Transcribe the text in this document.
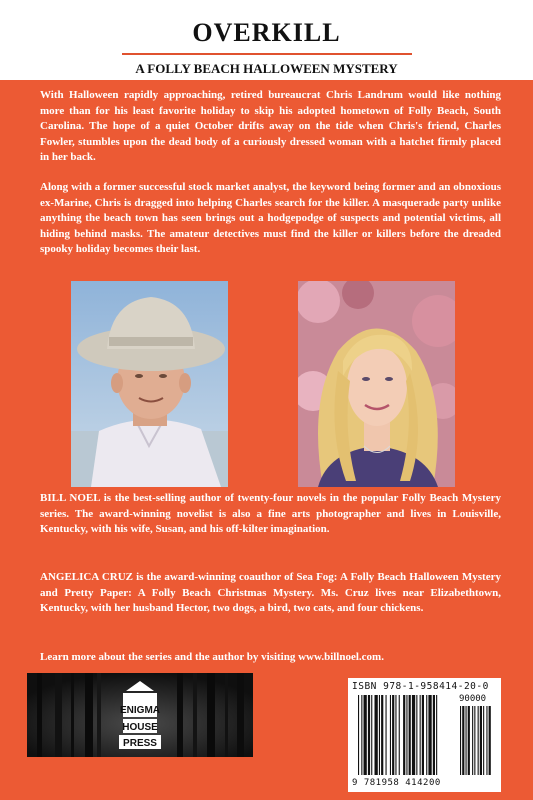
OVERKILL
A FOLLY BEACH HALLOWEEN MYSTERY
With Halloween rapidly approaching, retired bureaucrat Chris Landrum would like nothing more than for his least favorite holiday to skip his adopted hometown of Folly Beach, South Carolina. The hope of a quiet October drifts away on the tide when Chris's friend, Charles Fowler, stumbles upon the dead body of a curiously dressed woman with a hatchet firmly placed in her back.
Along with a former successful stock market analyst, the keyword being former and an obnoxious ex-Marine, Chris is dragged into helping Charles search for the killer. A masquerade party unlike anything the beach town has seen brings out a hodgepodge of suspects and potential victims, all hiding behind masks. The amateur detectives must find the killer or killers before the dreaded spooky holiday becomes their last.
BILL NOEL is the best-selling author of twenty-four novels in the popular Folly Beach Mystery series. The award-winning novelist is also a fine arts photographer and lives in Louisville, Kentucky, with his wife, Susan, and his off-kilter imagination.
ANGELICA CRUZ is the award-winning coauthor of Sea Fog: A Folly Beach Halloween Mystery and Pretty Paper: A Folly Beach Christmas Mystery. Ms. Cruz lives near Elizabethtown, Kentucky, with her husband Hector, two dogs, a bird, two cats, and four chickens.
Learn more about the series and the author by visiting www.billnoel.com.
ENIGMA
HOUSE
PRESS
ISBN 978-1-958414-20-0
90000
9 781958 414200
